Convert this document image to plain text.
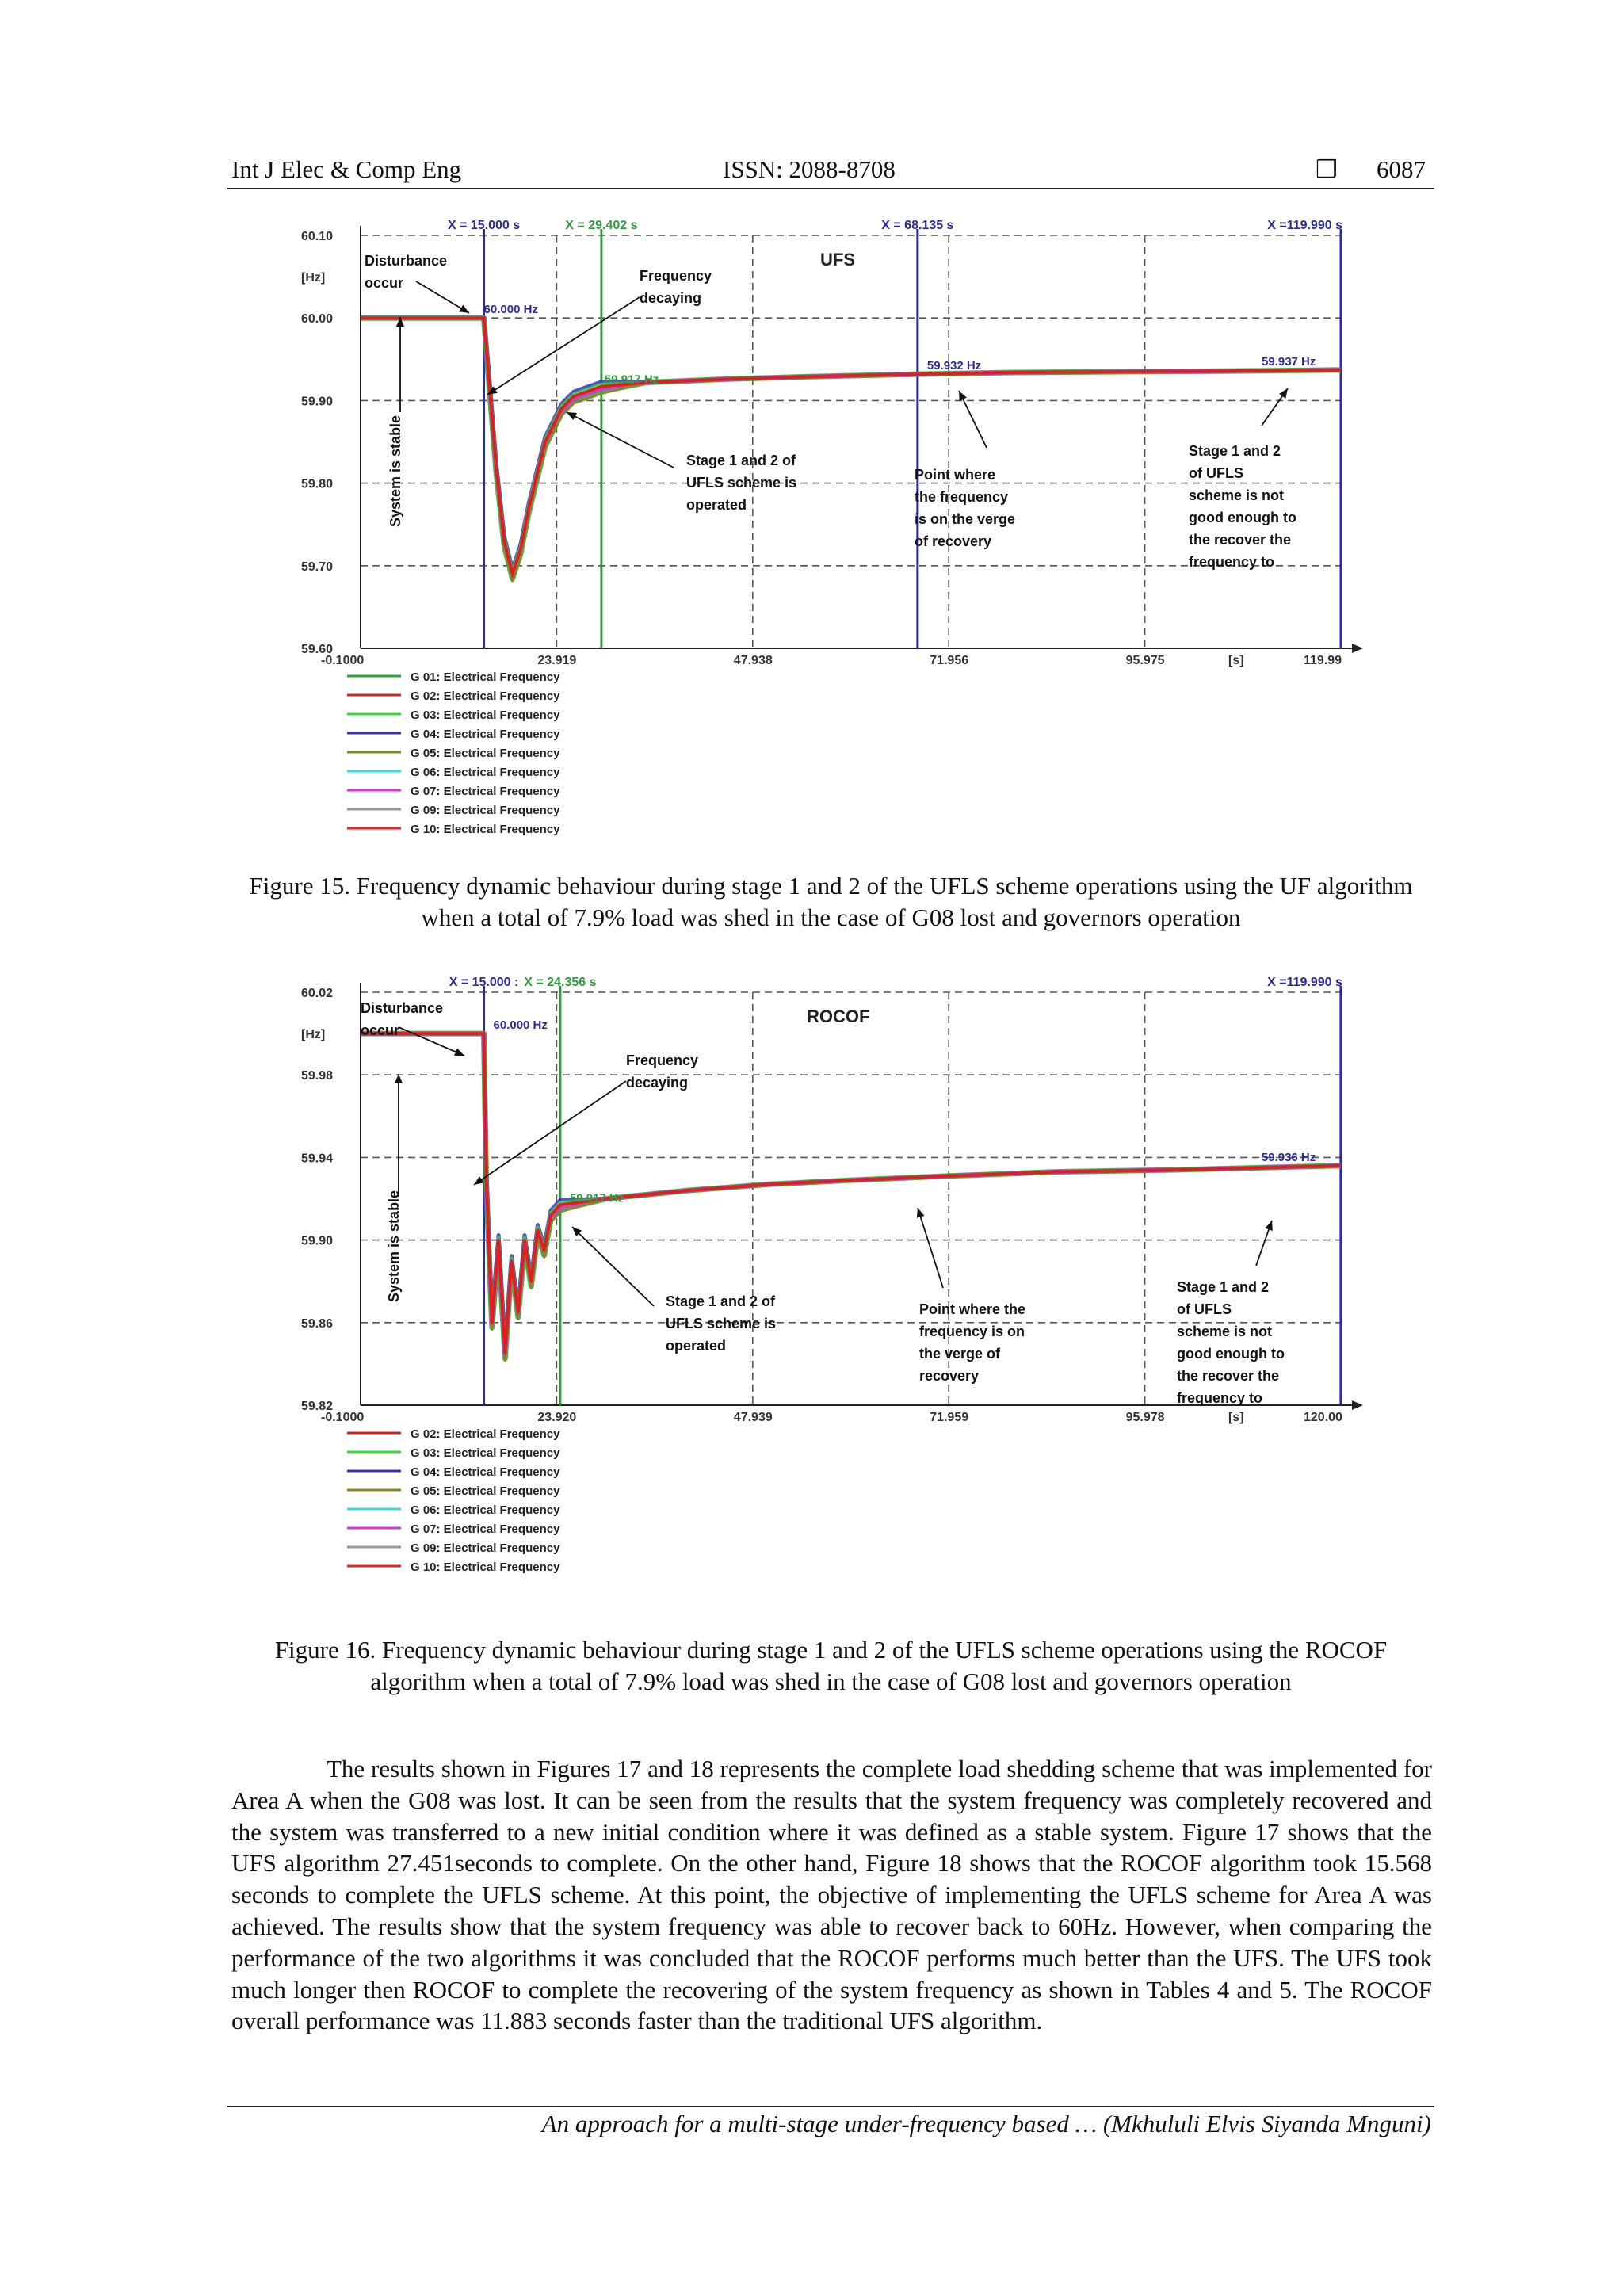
Int J Elec & Comp Eng	ISSN: 2088-8708	❐ 6087
60.10
[Hz]
60.00
59.90
59.80
59.70
59.60
-0.1000	23.919	47.938	71.956	95.975	[s]	119.99
UFS
X = 15.000 s	X = 29.402 s	X = 68.135 s	X =119.990 s
60.000 Hz
59.917 Hz
59.932 Hz	59.937 Hz
Disturbance
occur	Frequency
decaying
Stage 1 and 2 of
UFLS scheme is
operated
Point where
the frequency
is on the verge
of recovery
Stage 1 and 2
of UFLS
scheme is not
good enough to
the recover the
frequency to
System is stable
G 01: Electrical Frequency
G 02: Electrical Frequency
G 03: Electrical Frequency
G 04: Electrical Frequency
G 05: Electrical Frequency
G 06: Electrical Frequency
G 07: Electrical Frequency
G 09: Electrical Frequency
G 10: Electrical Frequency
Figure 15. Frequency dynamic behaviour during stage 1 and 2 of the UFLS scheme operations using the UF algorithm when a total of 7.9% load was shed in the case of G08 lost and governors operation
60.02
[Hz]
59.98
59.94
59.90
59.86
59.82
-0.1000	23.920	47.939	71.959	95.978	[s]	120.00
ROCOF
X = 15.000 : X = 24.356 s	X =119.990 s
60.000 Hz
59.917 Hz
59.936 Hz
Disturbance
occur
Frequency
decaying
Stage 1 and 2 of
UFLS scheme is
operated
Point where the
frequency is on
the verge of
recovery
Stage 1 and 2
of UFLS
scheme is not
good enough to
the recover the
frequency to
System is stable
G 02: Electrical Frequency
G 03: Electrical Frequency
G 04: Electrical Frequency
G 05: Electrical Frequency
G 06: Electrical Frequency
G 07: Electrical Frequency
G 09: Electrical Frequency
G 10: Electrical Frequency
Figure 16. Frequency dynamic behaviour during stage 1 and 2 of the UFLS scheme operations using the ROCOF algorithm when a total of 7.9% load was shed in the case of G08 lost and governors operation
The results shown in Figures 17 and 18 represents the complete load shedding scheme that was implemented for Area A when the G08 was lost. It can be seen from the results that the system frequency was completely recovered and the system was transferred to a new initial condition where it was defined as a stable system. Figure 17 shows that the UFS algorithm 27.451seconds to complete. On the other hand, Figure 18 shows that the ROCOF algorithm took 15.568 seconds to complete the UFLS scheme. At this point, the objective of implementing the UFLS scheme for Area A was achieved. The results show that the system frequency was able to recover back to 60Hz. However, when comparing the performance of the two algorithms it was concluded that the ROCOF performs much better than the UFS. The UFS took much longer then ROCOF to complete the recovering of the system frequency as shown in Tables 4 and 5. The ROCOF overall performance was 11.883 seconds faster than the traditional UFS algorithm.
An approach for a multi-stage under-frequency based … (Mkhululi Elvis Siyanda Mnguni)
